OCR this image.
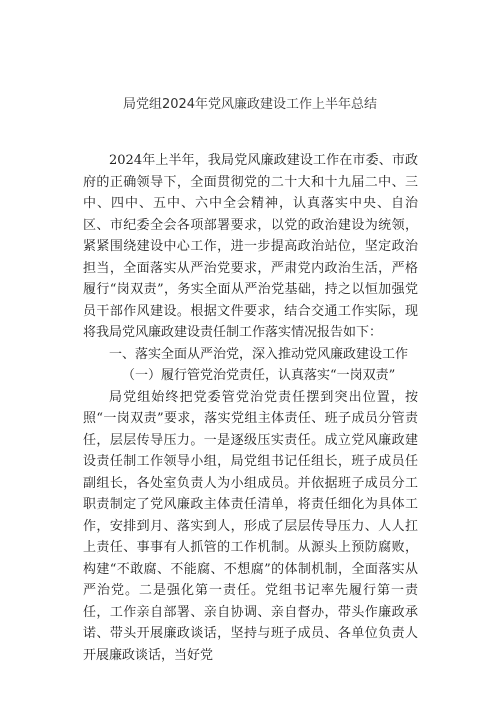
局党组2024年党风廉政建设工作上半年总结

2024年上半年，我局党风廉政建设工作在市委、市政府的正确领导下，全面贯彻党的二十大和十九届二中、三中、四中、五中、六中全会精神，认真落实中央、自治区、市纪委全会各项部署要求，以党的政治建设为统领，紧紧围绕建设中心工作，进一步提高政治站位，坚定政治担当，全面落实从严治党要求，严肃党内政治生活，严格履行“岗双责”，务实全面从严治党基础，持之以恒加强党员干部作风建设。根据文件要求，结合交通工作实际，现将我局党风廉政建设责任制工作落实情况报告如下：

一、落实全面从严治党，深入推动党风廉政建设工作

（一）履行管党治党责任，认真落实“一岗双责”

局党组始终把党委管党治党责任摆到突出位置，按照“一岗双责”要求，落实党组主体责任、班子成员分管责任，层层传导压力。一是逐级压实责任。成立党风廉政建设责任制工作领导小组，局党组书记任组长，班子成员任副组长，各处室负责人为小组成员。并依据班子成员分工职责制定了党风廉政主体责任清单，将责任细化为具体工作，安排到月、落实到人，形成了层层传导压力、人人扛上责任、事事有人抓管的工作机制。从源头上预防腐败，构建“不敢腐、不能腐、不想腐”的体制机制，全面落实从严治党。二是强化第一责任。党组书记率先履行第一责任，工作亲自部署、亲自协调、亲自督办，带头作廉政承诺、带头开展廉政谈话，坚持与班子成员、各单位负责人开展廉政谈话，当好党
